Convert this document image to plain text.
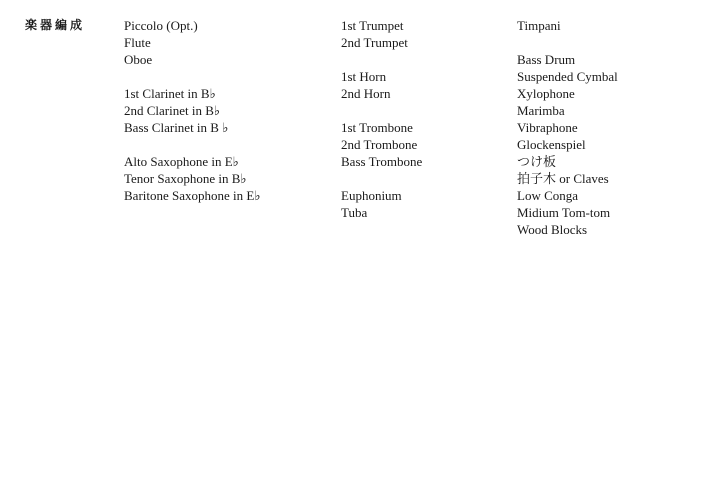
楽器編成	Piccolo (Opt.)
Flute
Oboe
1st Clarinet in B♭
2nd Clarinet in B♭
Bass Clarinet in B ♭
Alto Saxophone in E♭
Tenor Saxophone in B♭
Baritone Saxophone in E♭
1st Trumpet
2nd Trumpet
1st Horn
2nd Horn
1st Trombone
2nd Trombone
Bass Trombone
Euphonium
Tuba
Timpani
Bass Drum
Suspended Cymbal
Xylophone
Marimba
Vibraphone
Glockenspiel
つけ板
拍子木 or Claves
Low Conga
Midium Tom-tom
Wood Blocks
